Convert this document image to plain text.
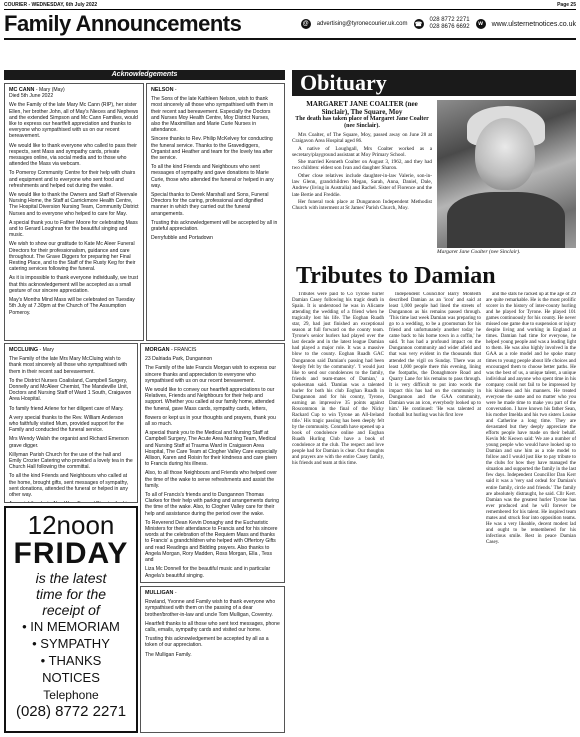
COURIER - WEDNESDAY, 6th July 2022	Page 25
Family Announcements	@	advertising@tyronecourier.uk.com ☎
028 8772 2271
028 8676 6692	w	www.ulsternetnotices.co.uk
Acknowledgements

MC CANN - Mary (May)
Died 5th June 2022

We the Family of the late Mary Mc Cann (RIP), her sister Ellen, her brother John, all of May's Nieces and Nephews and the extended Simpson and Mc Cann Families, would like to express our heartfelt appreciation and thanks to everyone who sympathised with us on our recent bereavement.

We would like to thank everyone who called to pass their respects, sent Mass and sympathy cards, private messages online, via social media and to those who attended the Mass via webcam.

To Pomeroy Community Centre for their help with chairs and equipment and to everyone who sent food and refreshments and helped out during the wake.

We would like to thank the Owners and Staff of Rivervale Nursing Home, the Staff at Carrickmore Health Centre, The Hospital Diversion Nursing Team, Community District Nurses and to everyone who helped to care for May.

A special thank you to Father Moore for celebrating Mass and to Gerard Loughran for the beautiful singing and music.

We wish to show our gratitude to Kate Mc Aleer Funeral Directors for their professionalism, guidance and care throughout. The Grave Diggers for preparing her Final Resting Place, and to the Staff of the Rusty Keg for their catering services following the funeral.

As it is impossible to thank everyone individually, we trust that this acknowledgement will be accepted as a small gesture of our sincere appreciation.

May's Months Mind Mass will be celebrated on Tuesday 5th July at 7.30pm at the Church of The Assumption Pomeroy.

NELSON -

The Sons of the late Kathleen Nelson, wish to thank most sincerely all those who sympathised with them in their recent sad bereavement. Especially the Doctors and Nurses Moy Health Centre, Moy District Nurses, also the Maximillian and Marie Curie Nurses in attendance.

Sincere thanks to Rev. Philip McKelvey for conducting the funeral service. Thanks to the Gravediggers, Organist and Heather and team for the lovely tea after the service.

To all the kind Friends and Neighbours who sent messages of sympathy and gave donations to Marie Curie, those who attended the funeral or helped in any way.

Special thanks to Derek Marshall and Sons, Funeral Directors for the caring, professional and dignified manner in which they carried out the funeral arrangements.

Trusting this acknowledgement will be accepted by all in grateful appreciation.

Derryfubble and Portadown

MCCLUING - Mary

The Family of the late Mrs Mary McCluing wish to thank most sincerely all those who sympathised with them in their recent sad bereavement.

To the District Nurses Coalisland, Campbell Surgery, Donnelly and McAleer Chemist, The Mandeville Unit, Doctors and Nursing Staff of Ward 1 South, Craigavon Area Hospital.

To family friend Arlene for her diligent care of Mary.

A very special thanks to the Rev. William Anderson who faithfully visited Mum, provided support for the Family and conducted the funeral service.

Mrs Wendy Walsh the organist and Richard Emerson grave digger.

Killyman Parish Church for the use of the hall and Emily Crozier Catering who provided a lovely tea in the Church Hall following the committal.

To all the kind Friends and Neighbours who called at the home, brought gifts, sent messages of sympathy, sent donations, attended the funeral or helped in any other way.

12noon
FRIDAY
is the latest
time for the
receipt of
• IN MEMORIAM
• SYMPATHY
• THANKS
NOTICES
Telephone
(028) 8772 2271

MORGAN - FRANCIS

23 Dalriada Park, Dungannon

The Family of the late Francis Morgan wish to express our sincere thanks and appreciation to everyone who sympathised with us on our recent bereavement.

We would like to convey our heartfelt appreciations to our Relatives, Friends and Neighbours for their help and support. Whether you called at our family home, attended the funeral, gave Mass cards, sympathy cards, letters,

flowers or kept us in your thoughts and prayers, thank you all so much.

A special thank you to the Medical and Nursing Staff at Campbell Surgery, The Acute Area Nursing Team, Medical and Nursing Staff at Trauma Ward in Craigavon Area Hospital, The Care Team at Clogher Valley Care especially Allison, Karen and Roisin for their kindness and care given to Francis during his illness.

Also, to all those Neighbours and Friends who helped over the time of the wake to serve refreshments and assist the family.

To all of Francis's friends and to Dungannon Thomas Clarkes for their help with parking and arrangements during the time of the wake. Also, to Clogher Valley care for their help and assistance during the period over the wake.

To Reverend Dean Kevin Donaghy and the Eucharistic Ministers for their attendance to Francis and for his sincere words at the celebration of the Requiem Mass and thanks to Francis' a grandchildren who helped with Offertory Gifts and read Readings and Bidding prayers. Also thanks to Angela Morgan, Rory Madden, Ross Morgan, Ella , Tess and

Liza Mc Donnell for the beautiful music and in particular Angela's beautiful singing.

MULLIGAN -

Rowland, Yvonne and Family wish to thank everyone who sympathised with them on the passing of a dear brother/brother-in-law and uncle Tom Mulligan, Coventry.

Heartfelt thanks to all those who sent text messages, phone calls, emails, sympathy cards and visited our home.

Trusting this acknowledgement be accepted by all as a token of our appreciation.

The Mulligan Family.

Obituary
MARGARET JANE COALTER (nee Sinclair), The Square, Moy
The death has taken place of Margaret Jane Coalter (nee Sinclair).

Mrs Coalter, of The Square, Moy, passed away on June 28 at Craigavon Area Hospital aged 86.

A native of Loughgall, Mrs Coalter worked as a secretary/playground assistant at Moy Primary School.

She married Kenneth Coalter on August 3, 1962, and they had two children: eldest son Ivan and daughter Sharon.

Other close relatives include daughter-in-law Valerie, son-in-law Glenn, grandchildren Megan, Sarah, Anna, Daniel, Dale, Andrew (living in Australia) and Rachel. Sister of Florence and the late Bertie and Freddie.

Her funeral took place at Dungannon Independent Methodist Church with interment at St James' Parish Church, Moy.

Margaret Jane Coalter (nee Sinclair).
Tributes to Damian

Tributes were paid to Co Tyrone hurler Damian Casey following his tragic death in Spain. It is understood he was in Alicante attending the wedding of a friend when he tragically lost his life. The Eoghan Ruadh star, 29, had just finished an exceptional season at full forward on the county team. Tyrone's senior hurlers had played over the last decade and in the latest league Damian had played a major role. It was a massive blow to the county. Eoghan Ruadh GAC Dungannon said Damian's passing had been 'deeply felt by the community'. 'I would just like to send our condolences to the family, friends and team-mates of Damian,' a spokesman said. 'Damian was a talented hurler for both his club Eoghan Ruadh in Dungannon and for his county, Tyrone, earning an impressive 35 points against Roscommon in the final of the Nicky Rackard Cup to win Tyrone an All-Ireland title.' His tragic passing has been deeply felt by the community. Conradh have opened up a book of condolence online and Eoghan Ruadh Hurling Club have a book of condolence at the club. The respect and love people had for Damian is clear. Our thoughts and prayers are with the entire Casey family, his friends and team at this time.

Independent Councillor Barry Monteith described Damian as an 'icon' and said at least 1,000 people had lined the streets of Dungannon as his remains passed through. 'This time last week Damian was preparing to go to a wedding, to be a groomsman for his friend and unfortunately another today he came back to his home town in a coffin,' he said. 'It has had a profound impact on the Dungannon community and wider afield and that was very evident in the thousands that attended the vigil on Sunday. There was at least 1,000 people there this evening, lining the footpaths, the Donaghmore Road and Quarry Lane for his remains to pass through. It is very difficult to put into words the impact this has had on the community in Dungannon and the GAA community, Damian was an icon, everybody looked up to him.' He continued: 'He was talented at football but hurling was his first love

and the stats he racked up at the age of 29 are quite remarkable. He is the most prolific scorer in the history of inter-county hurling and he played for Tyrone. He played 101 games continuously for his county. He never missed one game due to suspension or injury despite living and working in England at times. Damian had time for everyone, he helped young people and was a leading light to them. He was also highly involved in the GAA as a role model and he spoke many times to young people about life choices and encouraged them to choose better paths. He was the best of us, a unique talent, a unique individual and anyone who spent time in his company could not fail to be impressed by his kindness and his manners. He treated everyone the same and no matter who you were he made time to make you part of the conversation. I have known his father Sean, his mother Imelda and his two sisters Louise and Catherine a long time. They are devastated but they deeply appreciate the efforts people have made on their behalf. Kevin Mc Keown said: We are a number of young people who would have looked up to Damian and saw him as a role model to follow and I would just like to pay tribute to the clubs for how they have managed the situation and supported the family in the last few days. Independent Councillor Dan Kerr said it was a 'very sad ordeal for Damian's entire family, circle and friends.' The family are absolutely distraught, he said. Cllr Kerr. Damian was the greatest hurler Tyrone has ever produced and he will forever be remembered for his talent. He inspired team mates and struck fear into opposition teams. He was a very likeable, decent modest lad and ought to be remembered for his infectious smile. Rest in peace Damian Casey.
